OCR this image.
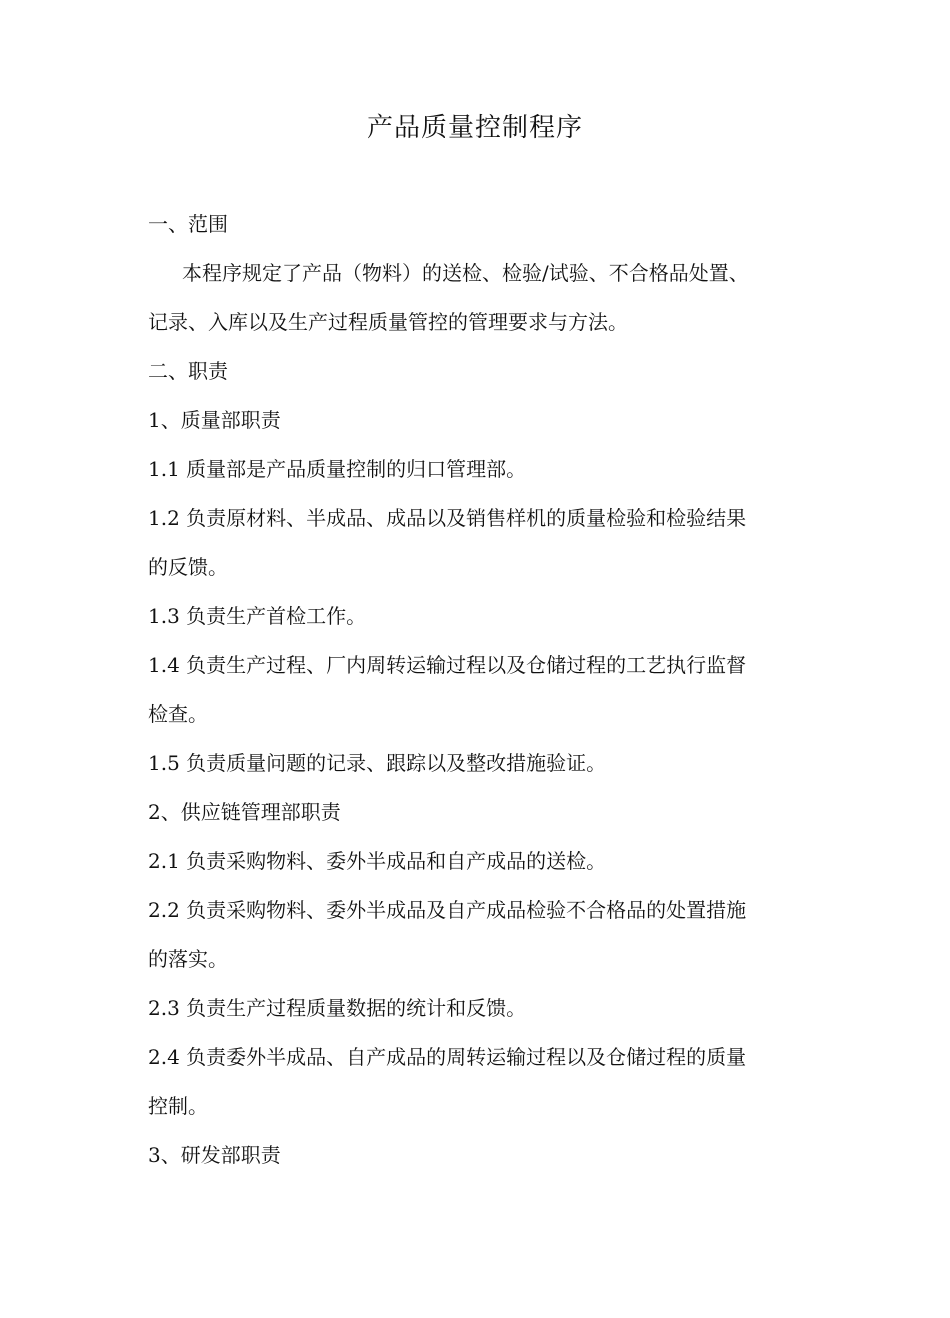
产品质量控制程序
一、范围
本程序规定了产品（物料）的送检、检验/试验、不合格品处置、
记录、入库以及生产过程质量管控的管理要求与方法。
二、职责
1、质量部职责
1.1 质量部是产品质量控制的归口管理部。
1.2 负责原材料、半成品、成品以及销售样机的质量检验和检验结果
的反馈。
1.3 负责生产首检工作。
1.4 负责生产过程、厂内周转运输过程以及仓储过程的工艺执行监督
检查。
1.5 负责质量问题的记录、跟踪以及整改措施验证。
2、供应链管理部职责
2.1 负责采购物料、委外半成品和自产成品的送检。
2.2 负责采购物料、委外半成品及自产成品检验不合格品的处置措施
的落实。
2.3 负责生产过程质量数据的统计和反馈。
2.4 负责委外半成品、自产成品的周转运输过程以及仓储过程的质量
控制。
3、研发部职责
